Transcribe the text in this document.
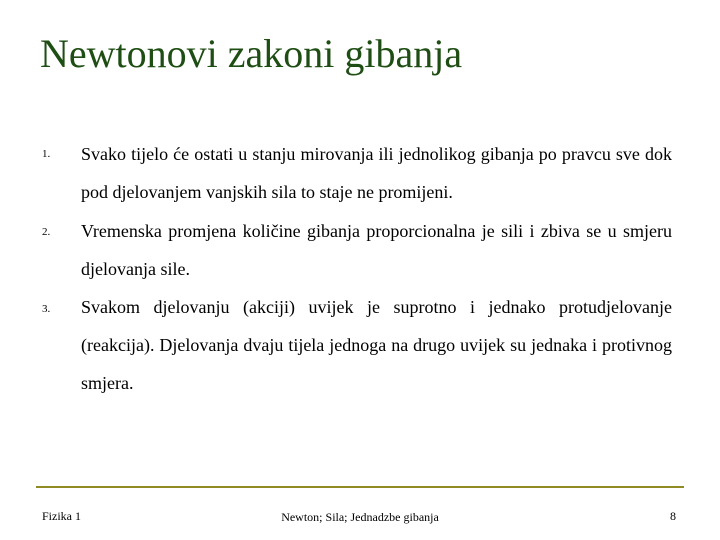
Newtonovi zakoni gibanja
1. Svako tijelo će ostati u stanju mirovanja ili jednolikog gibanja po pravcu sve dok pod djelovanjem vanjskih sila to staje ne promijeni.
2. Vremenska promjena količine gibanja proporcionalna je sili i zbiva se u smjeru djelovanja sile.
3. Svakom djelovanju (akciji) uvijek je suprotno i jednako protudjelovanje (reakcija). Djelovanja dvaju tijela jednoga na drugo uvijek su jednaka i protivnog smjera.
Fizika 1	Newton; Sila; Jednadzbe gibanja	8
